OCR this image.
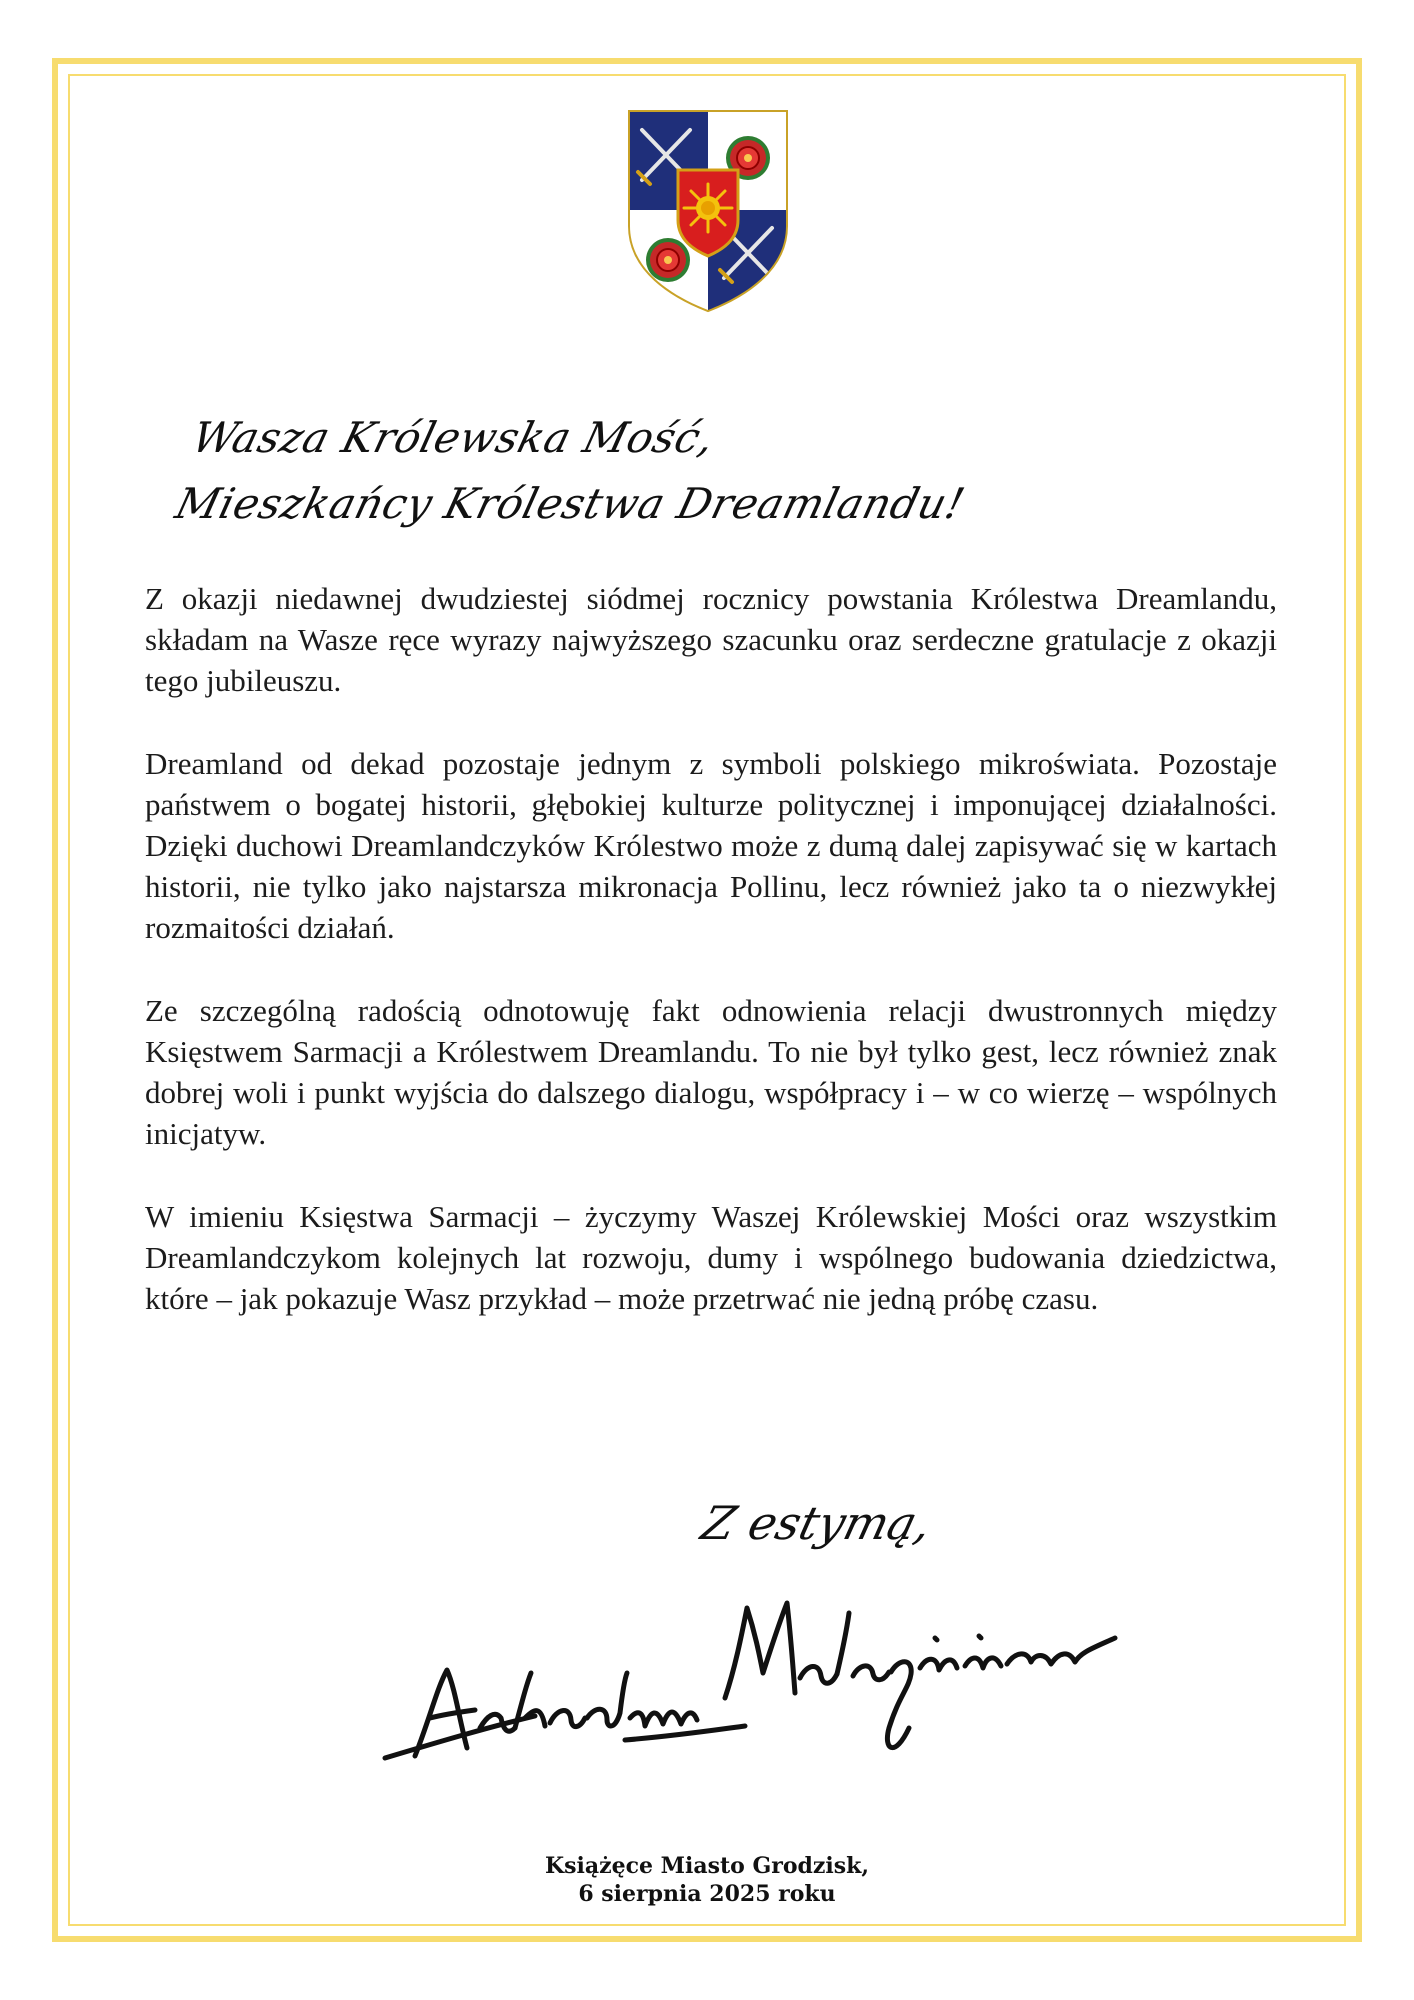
Wasza Królewska Mość,
Mieszkańcy Królestwa Dreamlandu!

Z okazji niedawnej dwudziestej siódmej rocznicy powstania Królestwa Dreamlandu, składam na Wasze ręce wyrazy najwyższego szacunku oraz serdeczne gratulacje z okazji tego jubileuszu.

Dreamland od dekad pozostaje jednym z symboli polskiego mikroświata. Pozostaje państwem o bogatej historii, głębokiej kulturze politycznej i imponującej działalności. Dzięki duchowi Dreamlandczyków Królestwo może z dumą dalej zapisywać się w kartach historii, nie tylko jako najstarsza mikronacja Pollinu, lecz również jako ta o niezwykłej rozmaitości działań.

Ze szczególną radością odnotowuję fakt odnowienia relacji dwustronnych między Księstwem Sarmacji a Królestwem Dreamlandu. To nie był tylko gest, lecz również znak dobrej woli i punkt wyjścia do dalszego dialogu, współpracy i – w co wierzę – wspólnych inicjatyw.

W imieniu Księstwa Sarmacji – życzymy Waszej Królewskiej Mości oraz wszystkim Dreamlandczykom kolejnych lat rozwoju, dumy i wspólnego budowania dziedzictwa, które – jak pokazuje Wasz przykład – może przetrwać nie jedną próbę czasu.

Z estymą,
Książęce Miasto Grodzisk,
6 sierpnia 2025 roku
